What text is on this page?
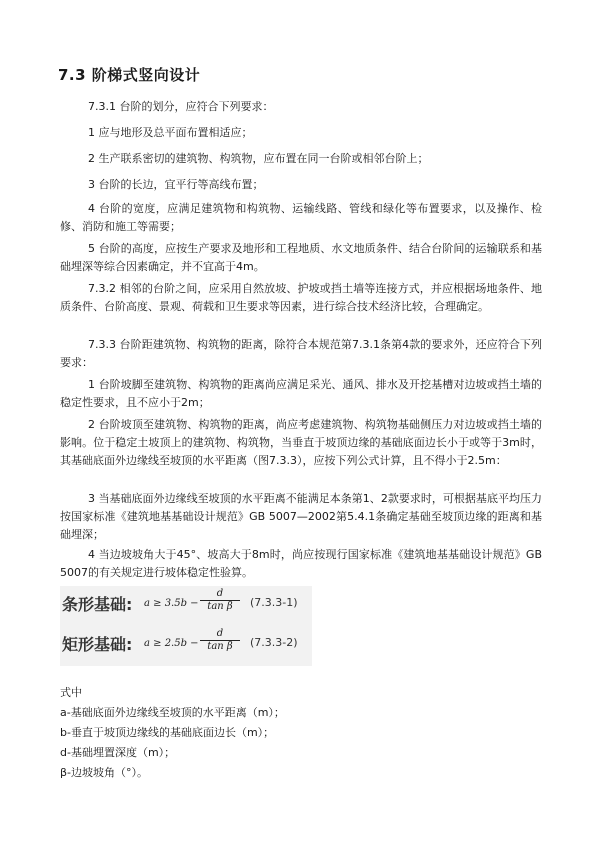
7.3 阶梯式竖向设计

7.3.1 台阶的划分，应符合下列要求：

1 应与地形及总平面布置相适应；

2 生产联系密切的建筑物、构筑物，应布置在同一台阶或相邻台阶上；

3 台阶的长边，宜平行等高线布置；

4 台阶的宽度，应满足建筑物和构筑物、运输线路、管线和绿化等布置要求，以及操作、检修、消防和施工等需要；

5 台阶的高度，应按生产要求及地形和工程地质、水文地质条件、结合台阶间的运输联系和基础埋深等综合因素确定，并不宜高于4m。

7.3.2 相邻的台阶之间，应采用自然放坡、护坡或挡土墙等连接方式，并应根据场地条件、地质条件、台阶高度、景观、荷载和卫生要求等因素，进行综合技术经济比较，合理确定。

7.3.3 台阶距建筑物、构筑物的距离，除符合本规范第7.3.1条第4款的要求外，还应符合下列要求：

1 台阶坡脚至建筑物、构筑物的距离尚应满足采光、通风、排水及开挖基槽对边坡或挡土墙的稳定性要求，且不应小于2m；

2 台阶坡顶至建筑物、构筑物的距离，尚应考虑建筑物、构筑物基础侧压力对边坡或挡土墙的影响。位于稳定土坡顶上的建筑物、构筑物，当垂直于坡顶边缘的基础底面边长小于或等于3m时，其基础底面外边缘线至坡顶的水平距离（图7.3.3），应按下列公式计算，且不得小于2.5m：

3 当基础底面外边缘线至坡顶的水平距离不能满足本条第1、2款要求时，可根据基底平均压力按国家标准《建筑地基基础设计规范》GB 5007—2002第5.4.1条确定基础至坡顶边缘的距离和基础埋深；

4 当边坡坡角大于45°、坡高大于8m时，尚应按现行国家标准《建筑地基基础设计规范》GB 5007的有关规定进行坡体稳定性验算。

条形基础: $a \ge 3.5b - \frac{d}{\text{tan β}} (7.3.3-1)$
矩形基础: $a \ge 2.5b - \frac{d}{\text{tan β}} (7.3.3-2)$

式中

a-基础底面外边缘线至坡顶的水平距离（m）；

b-垂直于坡顶边缘线的基础底面边长（m）；

d-基础埋置深度（m）；

β-边坡坡角（°）。
